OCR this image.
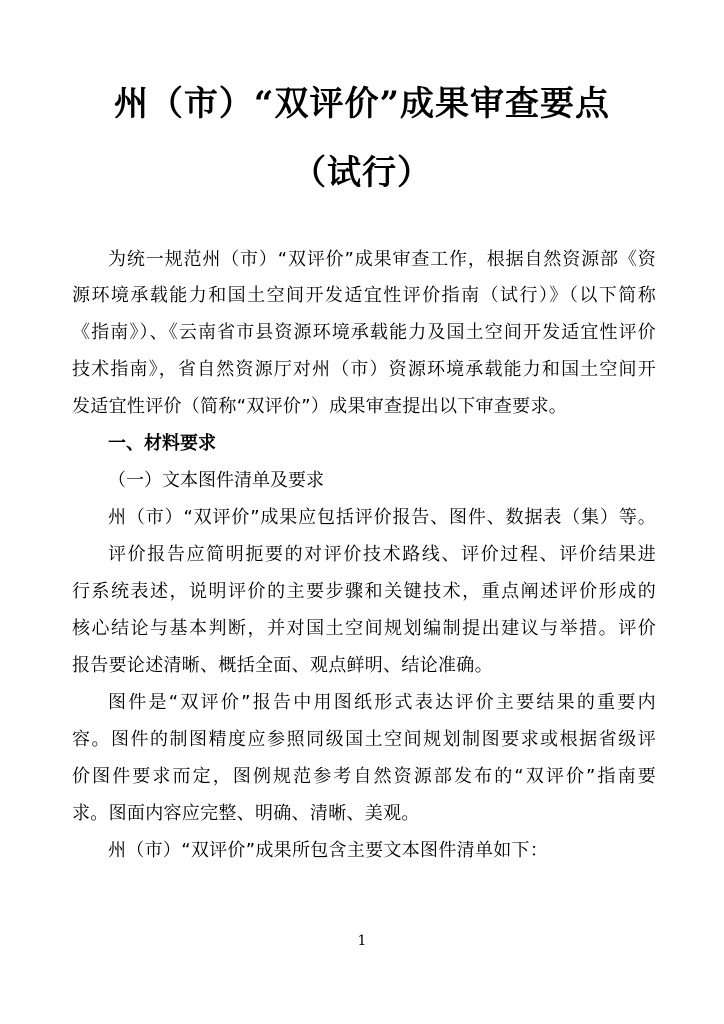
州（市）“双评价”成果审查要点
（试行）
为统一规范州（市）“双评价”成果审查工作，根据自然资源部《资
源环境承载能力和国土空间开发适宜性评价指南（试行）》（以下简称
《指南》）、《云南省市县资源环境承载能力及国土空间开发适宜性评价
技术指南》，省自然资源厅对州（市）资源环境承载能力和国土空间开
发适宜性评价（简称“双评价”）成果审查提出以下审查要求。
一、材料要求
（一）文本图件清单及要求
州（市）“双评价”成果应包括评价报告、图件、数据表（集）等。
评价报告应简明扼要的对评价技术路线、评价过程、评价结果进
行系统表述，说明评价的主要步骤和关键技术，重点阐述评价形成的
核心结论与基本判断，并对国土空间规划编制提出建议与举措。评价
报告要论述清晰、概括全面、观点鲜明、结论准确。
图件是“双评价”报告中用图纸形式表达评价主要结果的重要内
容。图件的制图精度应参照同级国土空间规划制图要求或根据省级评
价图件要求而定，图例规范参考自然资源部发布的“双评价”指南要
求。图面内容应完整、明确、清晰、美观。
州（市）“双评价”成果所包含主要文本图件清单如下：
1
